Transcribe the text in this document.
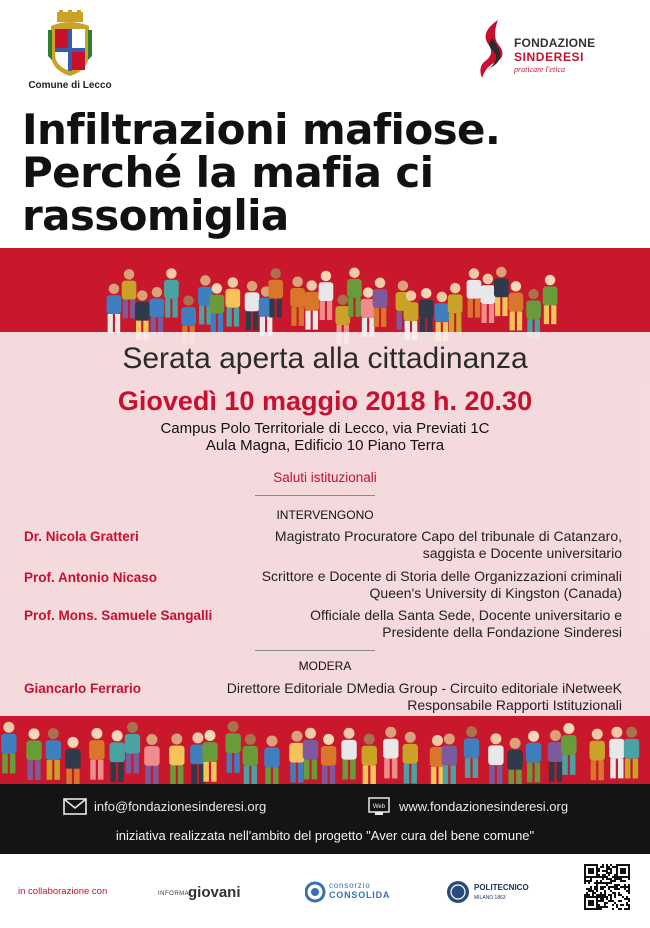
Comune di Lecco
FONDAZIONE
SINDERESI
praticare l'etica
Infiltrazioni mafiose.
Perché la mafia ci
rassomiglia
Serata aperta alla cittadinanza
Giovedì 10 maggio 2018 h. 20.30
Campus Polo Territoriale di Lecco, via Previati 1C
Aula Magna, Edificio 10 Piano Terra
Saluti istituzionali
INTERVENGONO
Dr. Nicola Gratteri	Magistrato Procuratore Capo del tribunale di Catanzaro,
saggista e Docente universitario
Prof. Antonio Nicaso	Scrittore e Docente di Storia delle Organizzazioni criminali
Queen's University di Kingston (Canada)
Prof. Mons. Samuele Sangalli	Officiale della Santa Sede, Docente universitario e
Presidente della Fondazione Sinderesi
MODERA
Giancarlo Ferrario	Direttore Editoriale DMedia Group - Circuito editoriale iNetweeK
Responsabile Rapporti Istituzionali
info@fondazionesinderesi.org	Web www.fondazionesinderesi.org
iniziativa realizzata nell'ambito del progetto "Aver cura del bene comune"
in collaborazione con	INFORMA
giovani	consorzio
CONSOLIDA
POLITECNICO
MILANO 1863
